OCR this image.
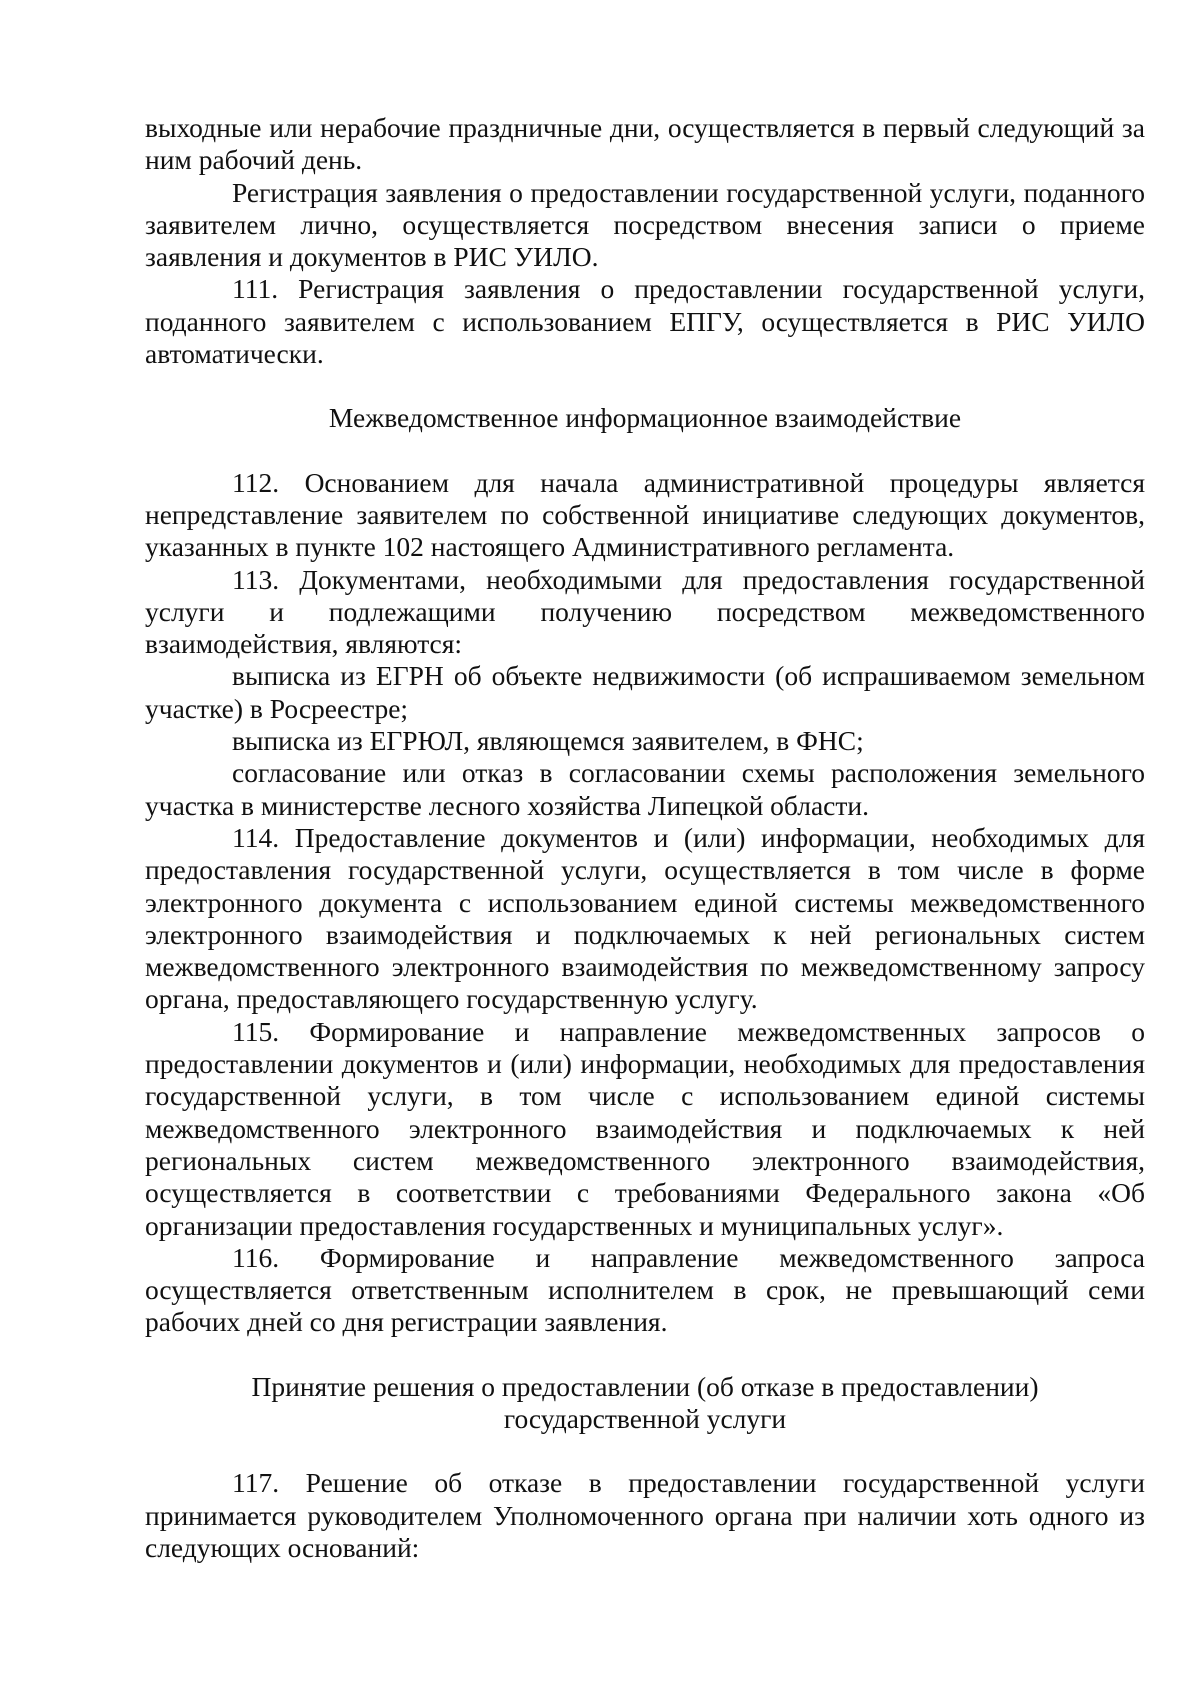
выходные или нерабочие праздничные дни, осуществляется в первый следующий за ним рабочий день.

Регистрация заявления о предоставлении государственной услуги, поданного заявителем лично, осуществляется посредством внесения записи о приеме заявления и документов в РИС УИЛО.

111. Регистрация заявления о предоставлении государственной услуги, поданного заявителем с использованием ЕПГУ, осуществляется в РИС УИЛО автоматически.

Межведомственное информационное взаимодействие

112. Основанием для начала административной процедуры является непредставление заявителем по собственной инициативе следующих документов, указанных в пункте 102 настоящего Административного регламента.

113. Документами, необходимыми для предоставления государственной услуги и подлежащими получению посредством межведомственного взаимодействия, являются:

выписка из ЕГРН об объекте недвижимости (об испрашиваемом земельном участке) в Росреестре;

выписка из ЕГРЮЛ, являющемся заявителем, в ФНС;

согласование или отказ в согласовании схемы расположения земельного участка в министерстве лесного хозяйства Липецкой области.

114. Предоставление документов и (или) информации, необходимых для предоставления государственной услуги, осуществляется в том числе в форме электронного документа с использованием единой системы межведомственного электронного взаимодействия и подключаемых к ней региональных систем межведомственного электронного взаимодействия по межведомственному запросу органа, предоставляющего государственную услугу.

115. Формирование и направление межведомственных запросов о предоставлении документов и (или) информации, необходимых для предоставления государственной услуги, в том числе с использованием единой системы межведомственного электронного взаимодействия и подключаемых к ней региональных систем межведомственного электронного взаимодействия, осуществляется в соответствии с требованиями Федерального закона «Об организации предоставления государственных и муниципальных услуг».

116. Формирование и направление межведомственного запроса осуществляется ответственным исполнителем в срок, не превышающий семи рабочих дней со дня регистрации заявления.

Принятие решения о предоставлении (об отказе в предоставлении)

государственной услуги

117. Решение об отказе в предоставлении государственной услуги принимается руководителем Уполномоченного органа при наличии хоть одного из следующих оснований:
